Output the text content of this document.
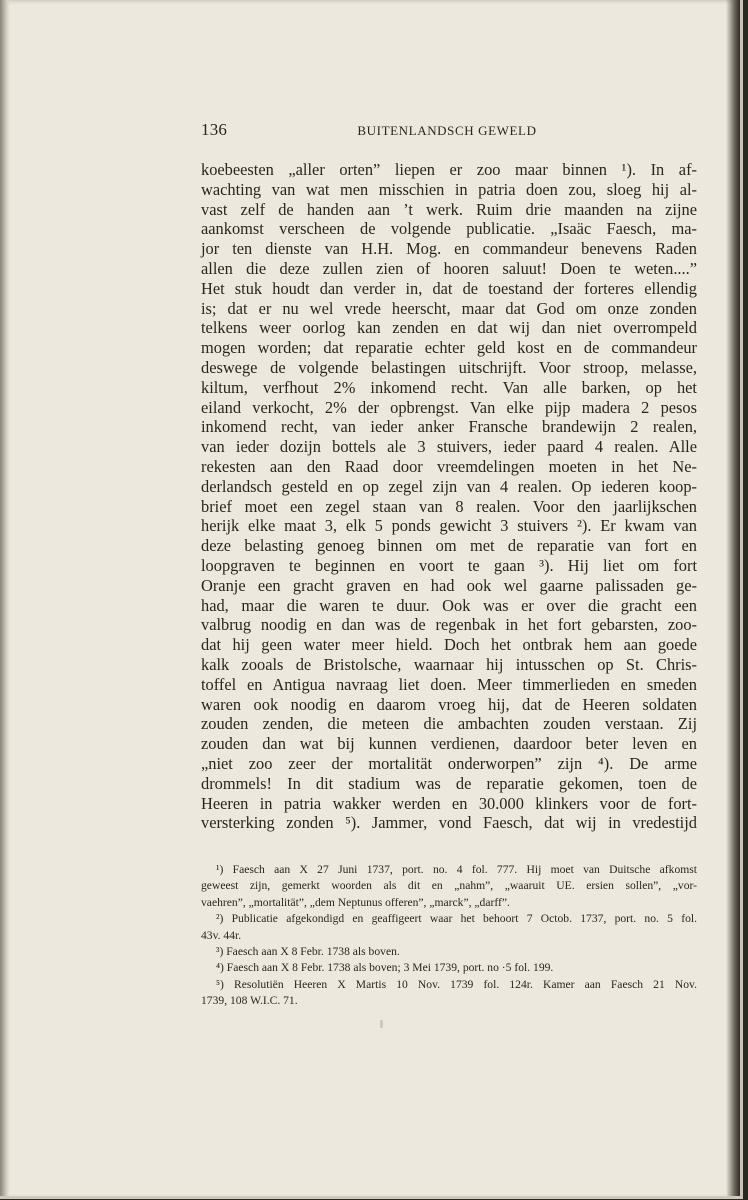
136	BUITENLANDSCH GEWELD
koebeesten „aller orten” liepen er zoo maar binnen ¹). In af-
wachting van wat men misschien in patria doen zou, sloeg hij al-
vast zelf de handen aan ’t werk. Ruim drie maanden na zijne
aankomst verscheen de volgende publicatie. „Isaäc Faesch, ma-
jor ten dienste van H.H. Mog. en commandeur benevens Raden
allen die deze zullen zien of hooren saluut! Doen te weten....”
Het stuk houdt dan verder in, dat de toestand der forteres ellendig
is; dat er nu wel vrede heerscht, maar dat God om onze zonden
telkens weer oorlog kan zenden en dat wij dan niet overrompeld
mogen worden; dat reparatie echter geld kost en de commandeur
deswege de volgende belastingen uitschrijft. Voor stroop, melasse,
kiltum, verfhout 2% inkomend recht. Van alle barken, op het
eiland verkocht, 2% der opbrengst. Van elke pijp madera 2 pesos
inkomend recht, van ieder anker Fransche brandewijn 2 realen,
van ieder dozijn bottels ale 3 stuivers, ieder paard 4 realen. Alle
rekesten aan den Raad door vreemdelingen moeten in het Ne-
derlandsch gesteld en op zegel zijn van 4 realen. Op iederen koop-
brief moet een zegel staan van 8 realen. Voor den jaarlijkschen
herijk elke maat 3, elk 5 ponds gewicht 3 stuivers ²). Er kwam van
deze belasting genoeg binnen om met de reparatie van fort en
loopgraven te beginnen en voort te gaan ³). Hij liet om fort
Oranje een gracht graven en had ook wel gaarne palissaden ge-
had, maar die waren te duur. Ook was er over die gracht een
valbrug noodig en dan was de regenbak in het fort gebarsten, zoo-
dat hij geen water meer hield. Doch het ontbrak hem aan goede
kalk zooals de Bristolsche, waarnaar hij intusschen op St. Chris-
toffel en Antigua navraag liet doen. Meer timmerlieden en smeden
waren ook noodig en daarom vroeg hij, dat de Heeren soldaten
zouden zenden, die meteen die ambachten zouden verstaan. Zij
zouden dan wat bij kunnen verdienen, daardoor beter leven en
„niet zoo zeer der mortalität onderworpen” zijn ⁴). De arme
drommels! In dit stadium was de reparatie gekomen, toen de
Heeren in patria wakker werden en 30.000 klinkers voor de fort-
versterking zonden ⁵). Jammer, vond Faesch, dat wij in vredestijd
¹) Faesch aan X 27 Juni 1737, port. no. 4 fol. 777. Hij moet van Duitsche afkomst
geweest zijn, gemerkt woorden als dit en „nahm”, „waaruit UE. ersien sollen”, „vor-
vaehren”, „mortalität”, „dem Neptunus offeren”, „marck”, „darff”.
²) Publicatie afgekondigd en geaffigeert waar het behoort 7 Octob. 1737, port. no. 5 fol.
43v. 44r.
³) Faesch aan X 8 Febr. 1738 als boven.
⁴) Faesch aan X 8 Febr. 1738 als boven; 3 Mei 1739, port. no ·5 fol. 199.
⁵) Resolutiën Heeren X Martis 10 Nov. 1739 fol. 124r. Kamer aan Faesch 21 Nov.
1739, 108 W.I.C. 71.
